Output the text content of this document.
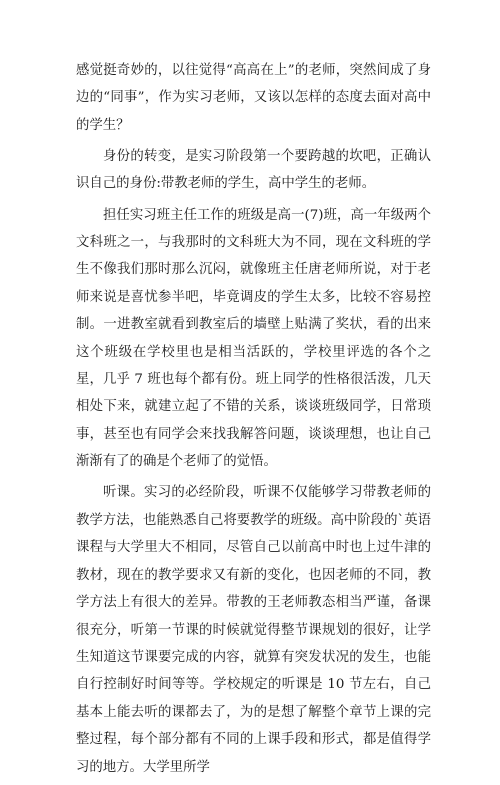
感觉挺奇妙的，以往觉得“高高在上”的老师，突然间成了身边的“同事”，作为实习老师，又该以怎样的态度去面对高中的学生？

身份的转变，是实习阶段第一个要跨越的坎吧，正确认识自己的身份:带教老师的学生，高中学生的老师。

担任实习班主任工作的班级是高一(7)班，高一年级两个文科班之一，与我那时的文科班大为不同，现在文科班的学生不像我们那时那么沉闷，就像班主任唐老师所说，对于老师来说是喜忧参半吧，毕竟调皮的学生太多，比较不容易控制。一进教室就看到教室后的墙壁上贴满了奖状，看的出来这个班级在学校里也是相当活跃的，学校里评选的各个之星，几乎 7 班也每个都有份。班上同学的性格很活泼，几天相处下来，就建立起了不错的关系，谈谈班级同学，日常琐事，甚至也有同学会来找我解答问题，谈谈理想，也让自己渐渐有了的确是个老师了的觉悟。

听课。实习的必经阶段，听课不仅能够学习带教老师的教学方法，也能熟悉自己将要教学的班级。高中阶段的`英语课程与大学里大不相同，尽管自己以前高中时也上过牛津的教材，现在的教学要求又有新的变化，也因老师的不同，教学方法上有很大的差异。带教的王老师教态相当严谨，备课很充分，听第一节课的时候就觉得整节课规划的很好，让学生知道这节课要完成的内容，就算有突发状况的发生，也能自行控制好时间等等。学校规定的听课是 10 节左右，自己基本上能去听的课都去了，为的是想了解整个章节上课的完整过程，每个部分都有不同的上课手段和形式，都是值得学习的地方。大学里所学
